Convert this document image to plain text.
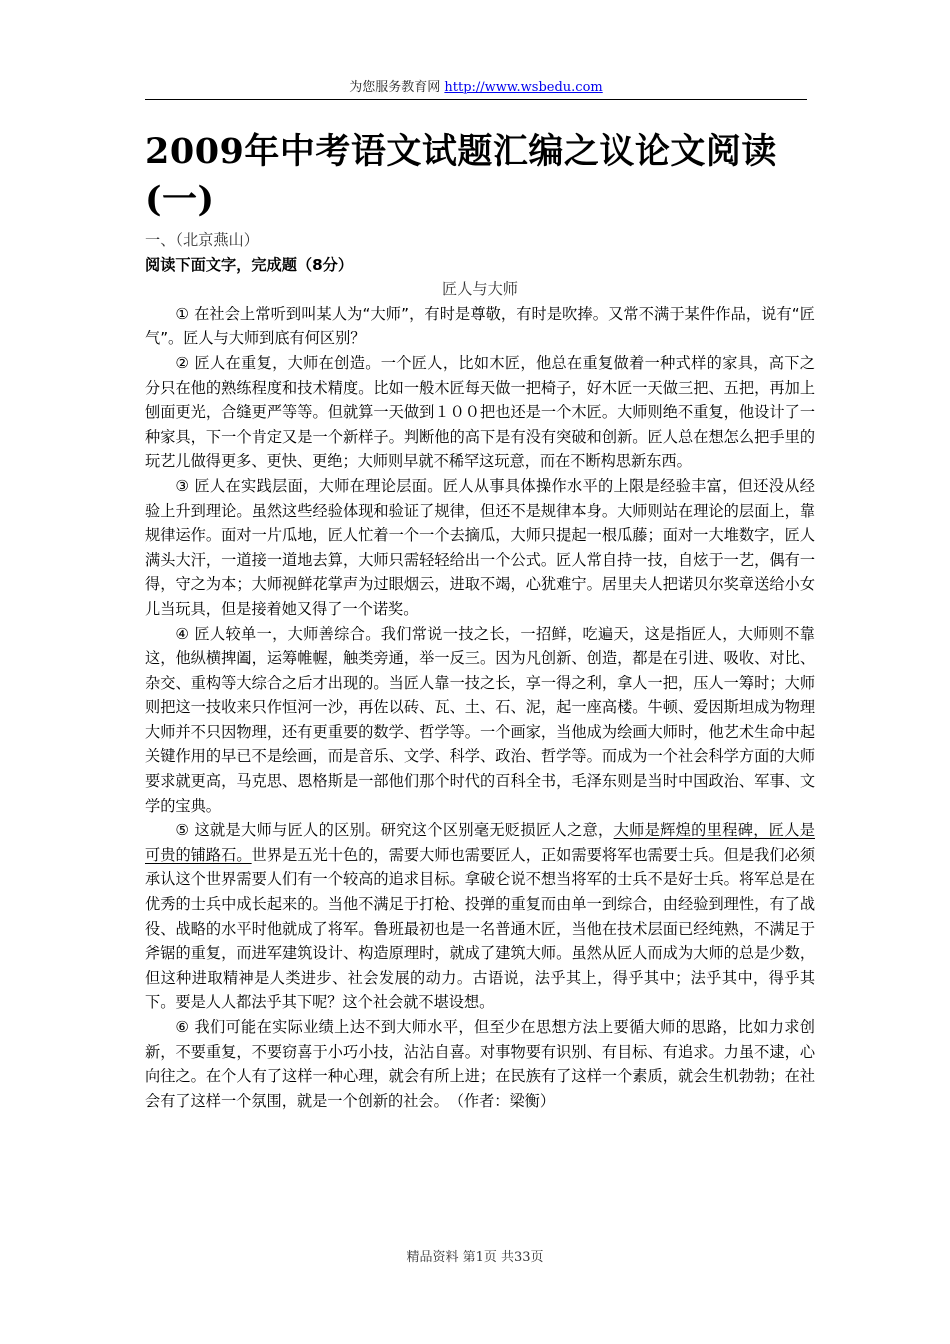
为您服务教育网 http://www.wsbedu.com
2009年中考语文试题汇编之议论文阅读(一)
一、（北京燕山）
阅读下面文字，完成题（8分）
匠人与大师

① 在社会上常听到叫某人为“大师”，有时是尊敬，有时是吹捧。又常不满于某件作品，说有“匠气”。匠人与大师到底有何区别？

② 匠人在重复，大师在创造。一个匠人，比如木匠，他总在重复做着一种式样的家具，高下之分只在他的熟练程度和技术精度。比如一般木匠每天做一把椅子，好木匠一天做三把、五把，再加上刨面更光，合缝更严等等。但就算一天做到１００把也还是一个木匠。大师则绝不重复，他设计了一种家具，下一个肯定又是一个新样子。判断他的高下是有没有突破和创新。匠人总在想怎么把手里的玩艺儿做得更多、更快、更绝；大师则早就不稀罕这玩意，而在不断构思新东西。

③ 匠人在实践层面，大师在理论层面。匠人从事具体操作水平的上限是经验丰富，但还没从经验上升到理论。虽然这些经验体现和验证了规律，但还不是规律本身。大师则站在理论的层面上，靠规律运作。面对一片瓜地，匠人忙着一个一个去摘瓜，大师只提起一根瓜藤；面对一大堆数字，匠人满头大汗，一道接一道地去算，大师只需轻轻给出一个公式。匠人常自持一技，自炫于一艺，偶有一得，守之为本；大师视鲜花掌声为过眼烟云，进取不竭，心犹难宁。居里夫人把诺贝尔奖章送给小女儿当玩具，但是接着她又得了一个诺奖。

④ 匠人较单一，大师善综合。我们常说一技之长，一招鲜，吃遍天，这是指匠人，大师则不靠这，他纵横捭阖，运筹帷幄，触类旁通，举一反三。因为凡创新、创造，都是在引进、吸收、对比、杂交、重构等大综合之后才出现的。当匠人靠一技之长，享一得之利，拿人一把，压人一筹时；大师则把这一技收来只作恒河一沙，再佐以砖、瓦、土、石、泥，起一座高楼。牛顿、爱因斯坦成为物理大师并不只因物理，还有更重要的数学、哲学等。一个画家，当他成为绘画大师时，他艺术生命中起关键作用的早已不是绘画，而是音乐、文学、科学、政治、哲学等。而成为一个社会科学方面的大师要求就更高，马克思、恩格斯是一部他们那个时代的百科全书，毛泽东则是当时中国政治、军事、文学的宝典。

⑤ 这就是大师与匠人的区别。研究这个区别毫无贬损匠人之意，大师是辉煌的里程碑，匠人是可贵的铺路石。世界是五光十色的，需要大师也需要匠人，正如需要将军也需要士兵。但是我们必须承认这个世界需要人们有一个较高的追求目标。拿破仑说不想当将军的士兵不是好士兵。将军总是在优秀的士兵中成长起来的。当他不满足于打枪、投弹的重复而由单一到综合，由经验到理性，有了战役、战略的水平时他就成了将军。鲁班最初也是一名普通木匠，当他在技术层面已经纯熟，不满足于斧锯的重复，而进军建筑设计、构造原理时，就成了建筑大师。虽然从匠人而成为大师的总是少数，但这种进取精神是人类进步、社会发展的动力。古语说，法乎其上，得乎其中；法乎其中，得乎其下。要是人人都法乎其下呢？这个社会就不堪设想。

⑥ 我们可能在实际业绩上达不到大师水平，但至少在思想方法上要循大师的思路，比如力求创新，不要重复，不要窃喜于小巧小技，沾沾自喜。对事物要有识别、有目标、有追求。力虽不逮，心向往之。在个人有了这样一种心理，就会有所上进；在民族有了这样一个素质，就会生机勃勃；在社会有了这样一个氛围，就是一个创新的社会。　（作者：梁衡）

精品资料 第1页 共33页
